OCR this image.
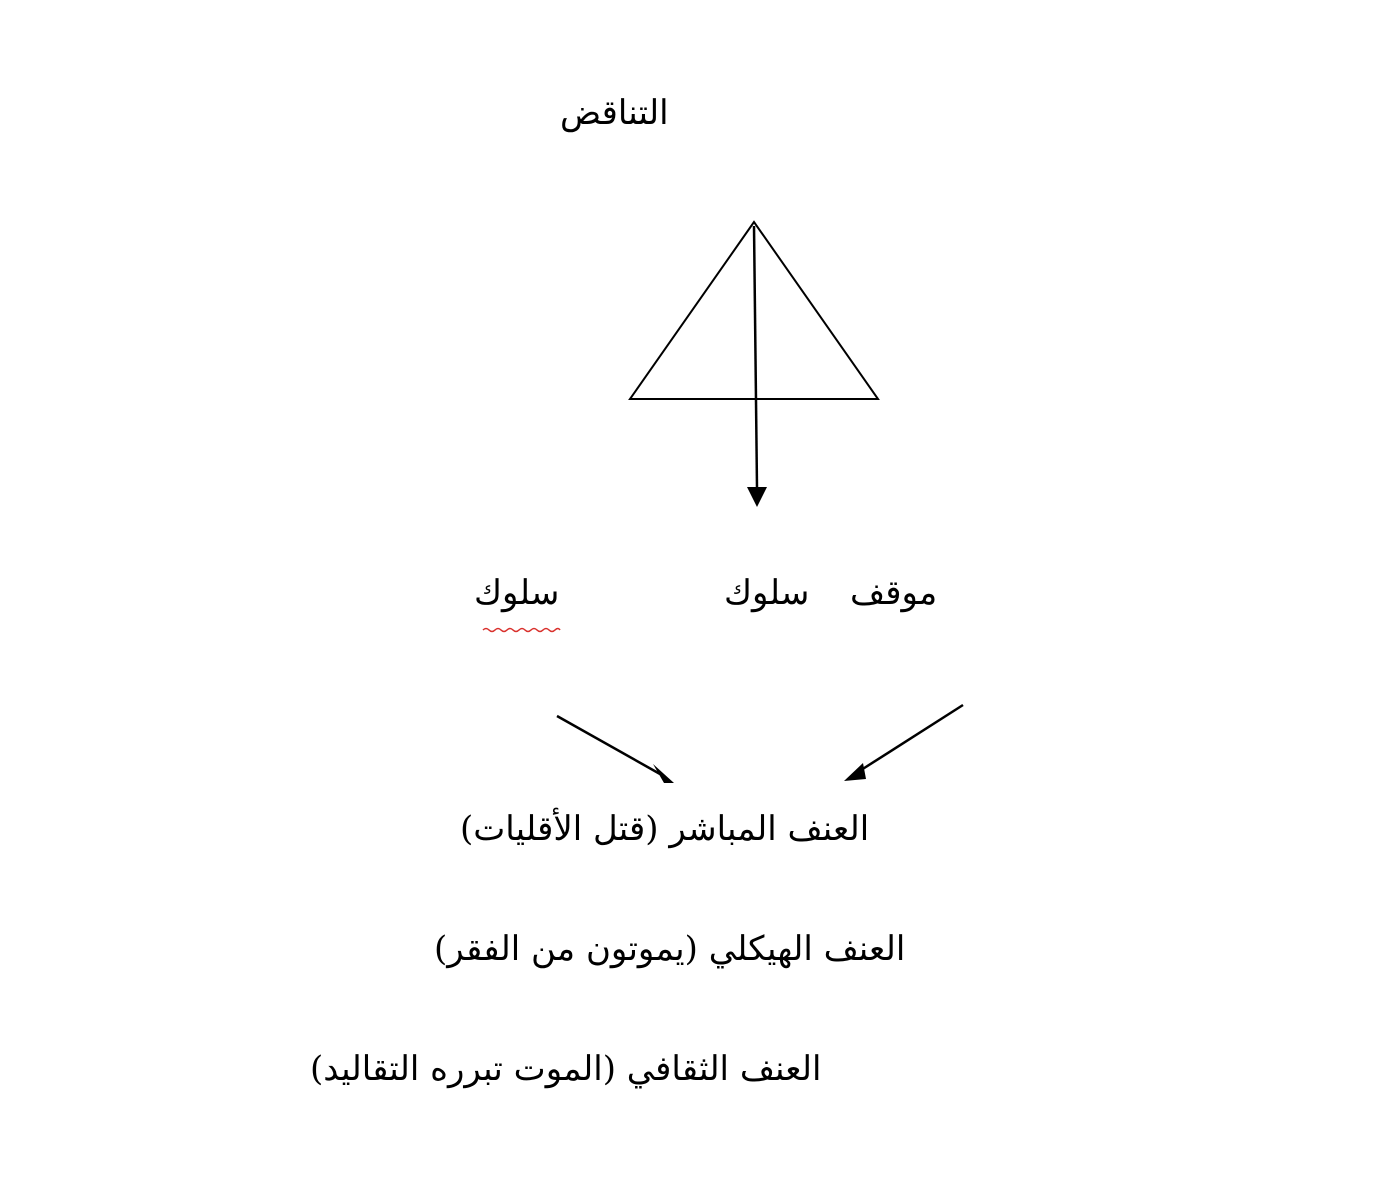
التناقض
سلوك	سلوك موقف
العنف المباشر (قتل الأقليات)
العنف الهيكلي (يموتون من الفقر)
العنف الثقافي (الموت تبرره التقاليد)
